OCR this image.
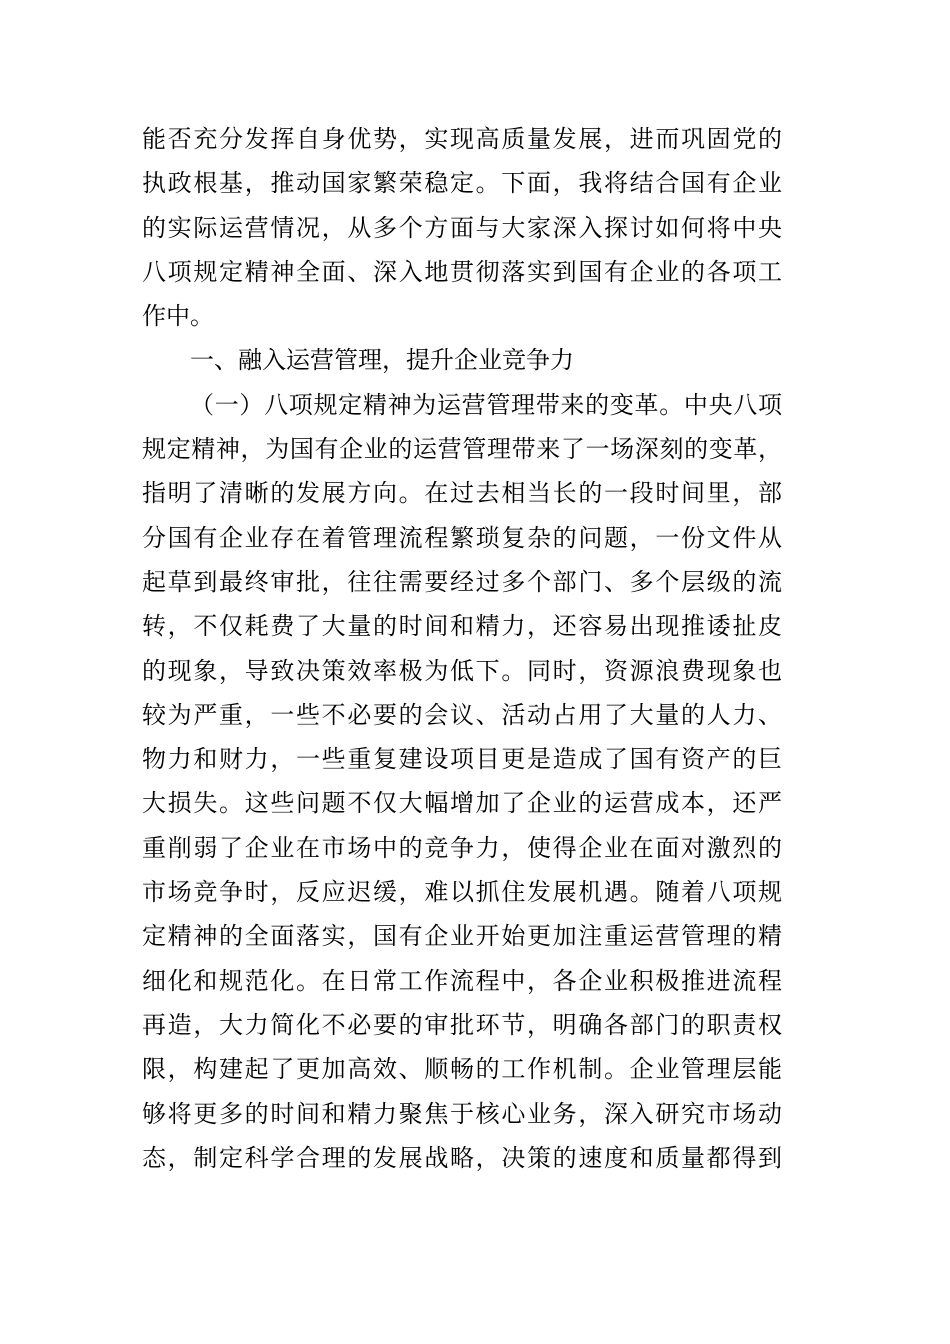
能否充分发挥自身优势，实现高质量发展，进而巩固党的
执政根基，推动国家繁荣稳定。下面，我将结合国有企业
的实际运营情况，从多个方面与大家深入探讨如何将中央
八项规定精神全面、深入地贯彻落实到国有企业的各项工
作中。
一、融入运营管理，提升企业竞争力
（一）八项规定精神为运营管理带来的变革。中央八项
规定精神，为国有企业的运营管理带来了一场深刻的变革，
指明了清晰的发展方向。在过去相当长的一段时间里，部
分国有企业存在着管理流程繁琐复杂的问题，一份文件从
起草到最终审批，往往需要经过多个部门、多个层级的流
转，不仅耗费了大量的时间和精力，还容易出现推诿扯皮
的现象，导致决策效率极为低下。同时，资源浪费现象也
较为严重，一些不必要的会议、活动占用了大量的人力、
物力和财力，一些重复建设项目更是造成了国有资产的巨
大损失。这些问题不仅大幅增加了企业的运营成本，还严
重削弱了企业在市场中的竞争力，使得企业在面对激烈的
市场竞争时，反应迟缓，难以抓住发展机遇。随着八项规
定精神的全面落实，国有企业开始更加注重运营管理的精
细化和规范化。在日常工作流程中，各企业积极推进流程
再造，大力简化不必要的审批环节，明确各部门的职责权
限，构建起了更加高效、顺畅的工作机制。企业管理层能
够将更多的时间和精力聚焦于核心业务，深入研究市场动
态，制定科学合理的发展战略，决策的速度和质量都得到
